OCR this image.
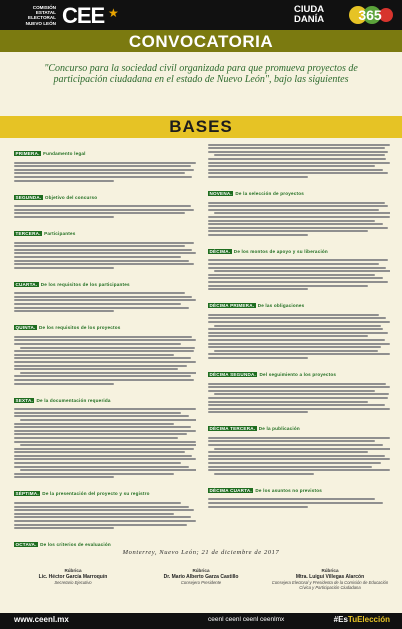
COMISIÓN
ESTATAL
ELECTORAL
NUEVO LEÓN CEE ★	CIUDA
DANÍA 365
CONVOCATORIA
"Concurso para la sociedad civil organizada para que promueva proyectos de participación ciudadana en el estado de Nuevo León", bajo las siguientes
BASES
PRIMERA. Fundamento legal
SEGUNDA. Objetivo del concurso
TERCERA. Participantes
CUARTA. De los requisitos de los participantes
QUINTA. De los requisitos de los proyectos
SEXTA. De la documentación requerida
SÉPTIMA. De la presentación del proyecto y su registro
OCTAVA. De los criterios de evaluación
NOVENA. De la selección de proyectos
DÉCIMA. De los montos de apoyo y su liberación
DÉCIMA PRIMERA. De las obligaciones
DÉCIMA SEGUNDA. Del seguimiento a los proyectos
DÉCIMA TERCERA. De la publicación
DÉCIMA CUARTA. De los asuntos no previstos
Monterrey, Nuevo León; 21 de diciembre de 2017
Rúbrica
Lic. Héctor García Marroquín
Secretario Ejecutivo
Rúbrica
Dr. Mario Alberto Garza Castillo
Consejero Presidente
Rúbrica
Mtra. Luigui Villegas Alarcón
Consejera Electoral y Presidenta de la Comisión de Educación Cívica y Participación Ciudadana
www.ceenl.mx	ceenl ceenl ceenl ceenlmx	#EsTuElección
